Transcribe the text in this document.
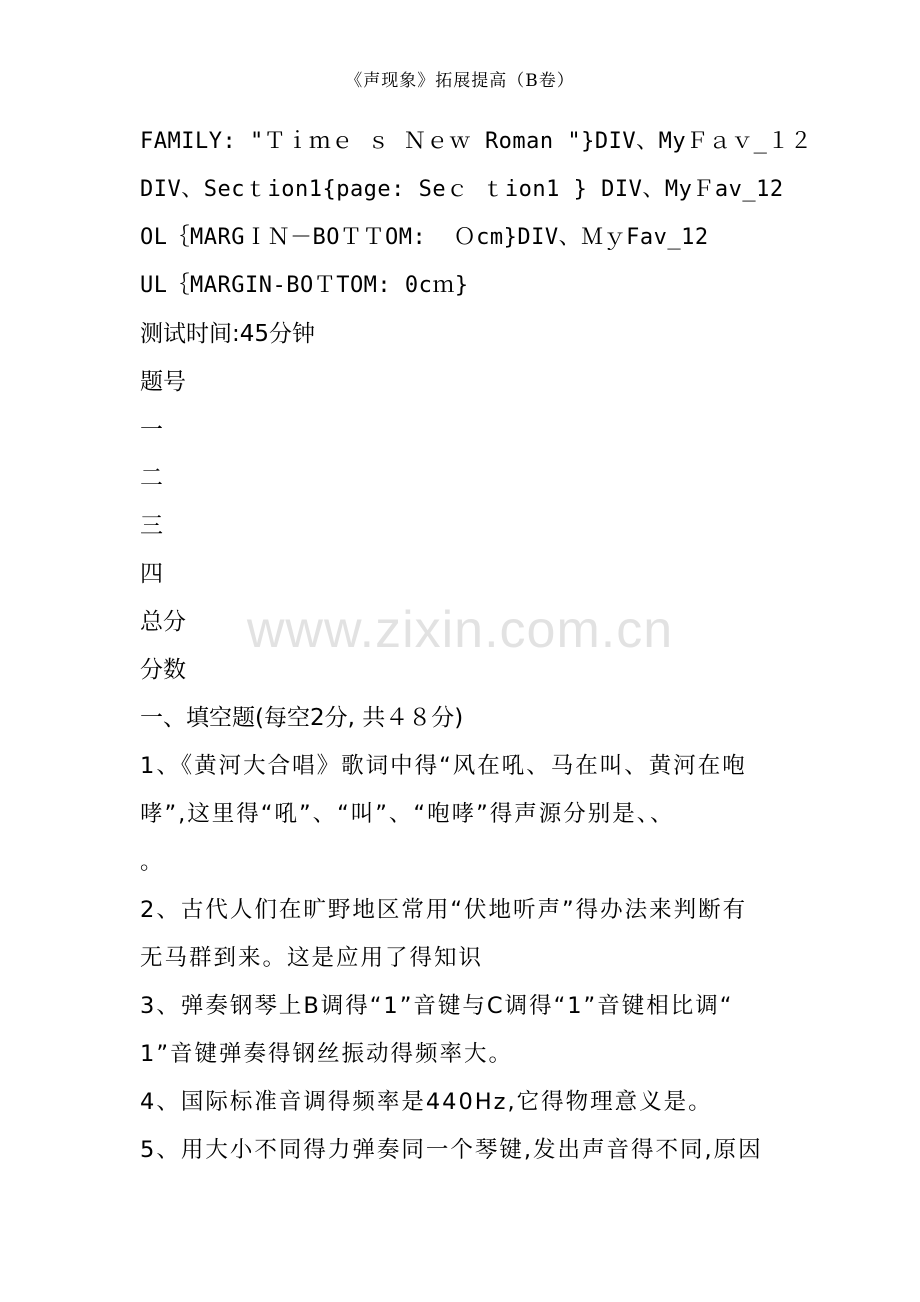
《声现象》拓展提高（B卷）
www.zixin.com.cn
FAMILY: "Ｔｉｍｅ ｓ Ｎｅｗ Roman "}DIV、MyＦａｖ_１２
DIV、Secｔion1{page: Seｃ ｔion1 } DIV、MyＦav_12
OL｛MARGＩＮ－BOＴＴOM:  Ｏcm}DIV、ＭｙFav_12
UL｛MARGIN-BOＴTOM: 0cｍ}
测试时间:45分钟
题号
一
二
三
四
总分
分数
一、填空题(每空2分, 共４８分)
1、《黄河大合唱》歌词中得“风在吼、马在叫、黄河在咆
哮”,这里得“吼”、“叫”、“咆哮”得声源分别是、、
。
2、古代人们在旷野地区常用“伏地听声”得办法来判断有
无马群到来。这是应用了得知识
3、弹奏钢琴上B调得“1”音键与C调得“1”音键相比调“
1”音键弹奏得钢丝振动得频率大。
4、国际标准音调得频率是440Hz,它得物理意义是。
5、用大小不同得力弹奏同一个琴键,发出声音得不同,原因
